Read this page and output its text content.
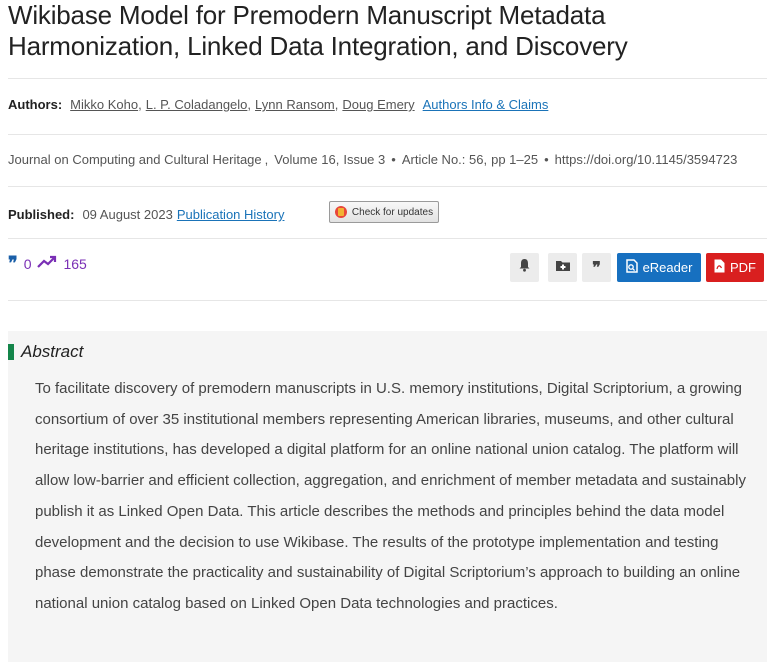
Wikibase Model for Premodern Manuscript Metadata Harmonization, Linked Data Integration, and Discovery
Authors: Mikko Koho , L. P. Coladangelo , Lynn Ransom , Doug Emery Authors Info & Claims
Journal on Computing and Cultural Heritage , Volume 16 , Issue 3 • Article No.: 56 , pp 1–25 • https://doi.org/10.1145/3594723
Published: 09 August 2023 Publication History	Check for updates
❞ 0 165	❞	eReader	PDF
Abstract
To facilitate discovery of premodern manuscripts in U.S. memory institutions, Digital Scriptorium, a growing consortium of over 35 institutional members representing American libraries, museums, and other cultural heritage institutions, has developed a digital platform for an online national union catalog. The platform will allow low-barrier and efficient collection, aggregation, and enrichment of member metadata and sustainably publish it as Linked Open Data. This article describes the methods and principles behind the data model development and the decision to use Wikibase. The results of the prototype implementation and testing phase demonstrate the practicality and sustainability of Digital Scriptorium’s approach to building an online national union catalog based on Linked Open Data technologies and practices.
